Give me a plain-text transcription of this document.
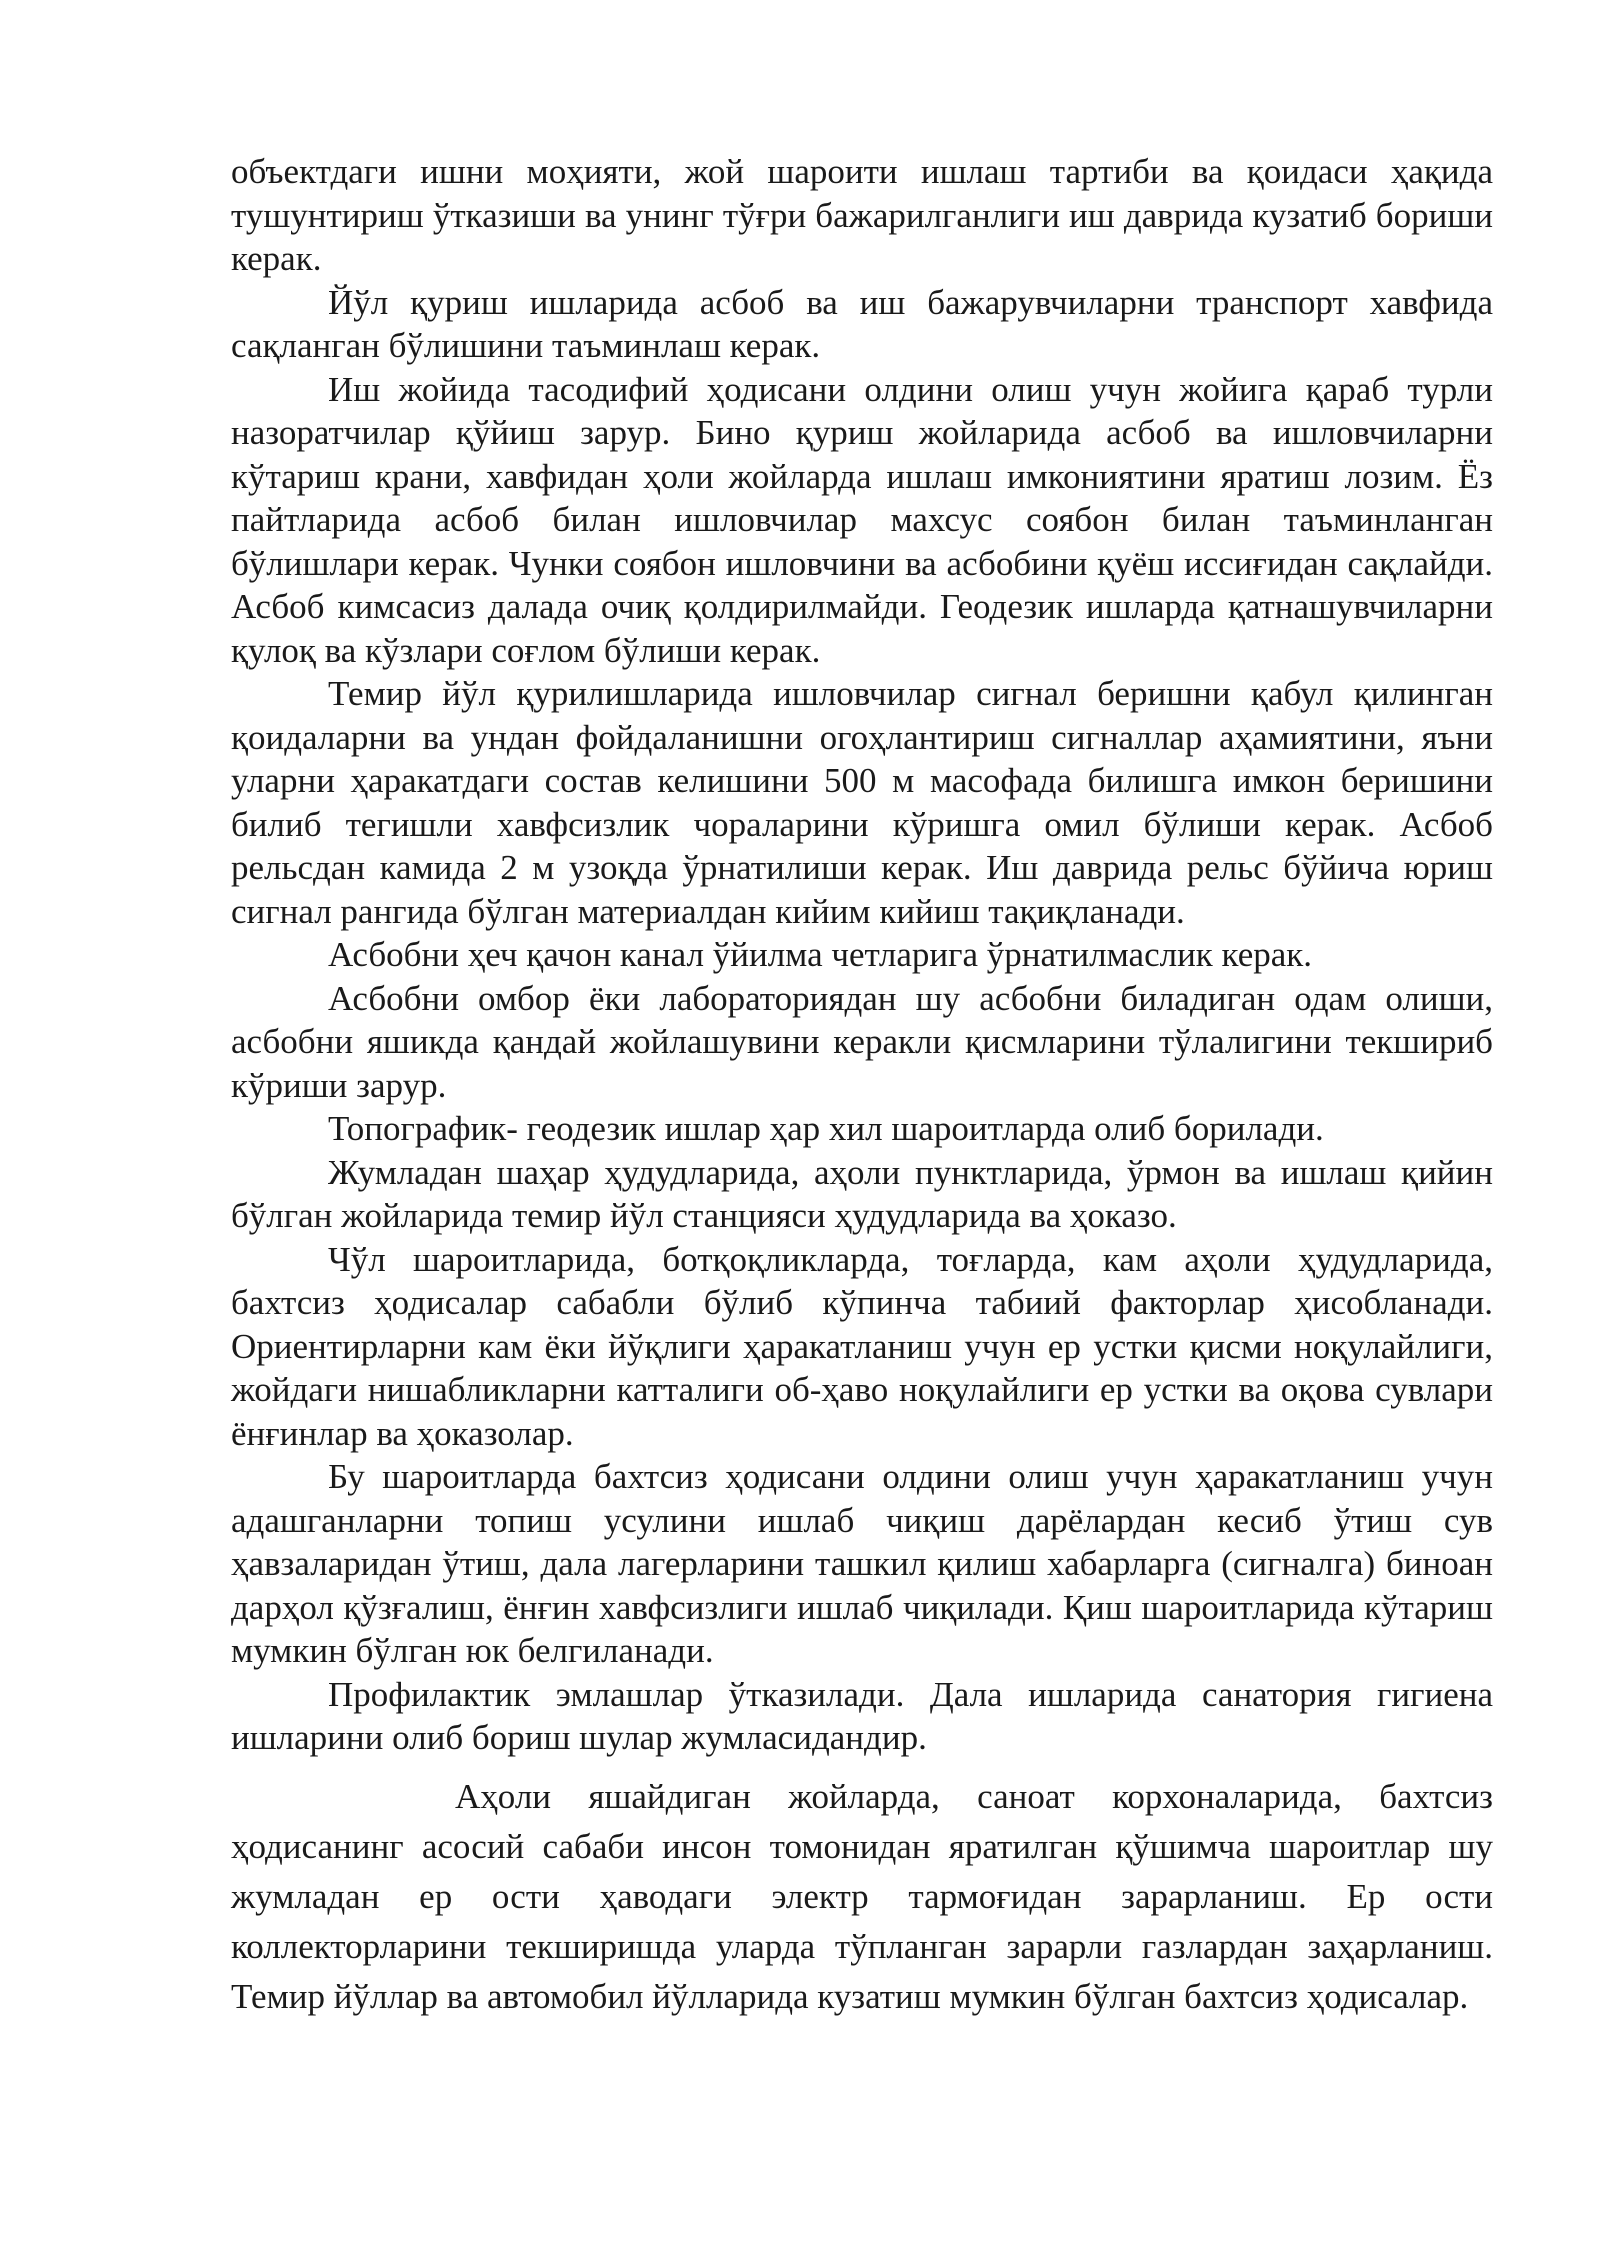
объектдаги ишни моҳияти, жой шароити ишлаш тартиби ва қоидаси ҳақида тушунтириш ўтказиши ва унинг тўғри бажарилганлиги иш даврида кузатиб бориши керак.

Йўл қуриш ишларида асбоб ва иш бажарувчиларни транспорт хавфида сақланган бўлишини таъминлаш керак.

Иш жойида тасодифий ҳодисани олдини олиш учун жойига қараб турли назоратчилар қўйиш зарур. Бино қуриш жойларида асбоб ва ишловчиларни кўтариш крани, хавфидан ҳоли жойларда ишлаш имкониятини яратиш лозим. Ёз пайтларида асбоб билан ишловчилар махсус соябон билан таъминланган бўлишлари керак. Чунки соябон ишловчини ва асбобини қуёш иссиғидан сақлайди. Асбоб кимсасиз далада очиқ қолдирилмайди. Геодезик ишларда қатнашувчиларни қулоқ ва кўзлари соғлом бўлиши керак.

Темир йўл қурилишларида ишловчилар сигнал беришни қабул қилинган қоидаларни ва ундан фойдаланишни огоҳлантириш сигналлар аҳамиятини, яъни уларни ҳаракатдаги состав келишини 500 м масофада билишга имкон беришини билиб тегишли хавфсизлик чораларини кўришга омил бўлиши керак. Асбоб рельсдан камида 2 м узоқда ўрнатилиши керак. Иш даврида рельс бўйича юриш сигнал рангида бўлган материалдан кийим кийиш тақиқланади.

Асбобни ҳеч қачон канал ўйилма четларига ўрнатилмаслик керак.

Асбобни омбор ёки лабораториядан шу асбобни биладиган одам олиши, асбобни яшикда қандай жойлашувини керакли қисмларини тўлалигини текшириб кўриши зарур.

Топографик- геодезик ишлар ҳар хил шароитларда олиб борилади.

Жумладан шаҳар ҳудудларида, аҳоли пунктларида, ўрмон ва ишлаш қийин бўлган жойларида темир йўл станцияси ҳудудларида ва ҳоказо.

Чўл шароитларида, ботқоқликларда, тоғларда, кам аҳоли ҳудудларида, бахтсиз ҳодисалар сабабли бўлиб кўпинча табиий факторлар ҳисобланади. Ориентирларни кам ёки йўқлиги ҳаракатланиш учун ер устки қисми ноқулайлиги, жойдаги нишабликларни катталиги об-ҳаво ноқулайлиги ер устки ва оқова сувлари ёнғинлар ва ҳоказолар.

Бу шароитларда бахтсиз ҳодисани олдини олиш учун ҳаракатланиш учун адашганларни топиш усулини ишлаб чиқиш дарёлардан кесиб ўтиш сув ҳавзаларидан ўтиш, дала лагерларини ташкил қилиш хабарларга (сигналга) биноан дарҳол қўзғалиш, ёнғин хавфсизлиги ишлаб чиқилади. Қиш шароитларида кўтариш мумкин бўлган юк белгиланади.

Профилактик эмлашлар ўтказилади. Дала ишларида санатория гигиена ишларини олиб бориш шулар жумласидандир.

Аҳоли яшайдиган жойларда, саноат корхоналарида, бахтсиз ҳодисанинг асосий сабаби инсон томонидан яратилган қўшимча шароитлар шу жумладан ер ости ҳаводаги электр тармоғидан зарарланиш. Ер ости коллекторларини текширишда уларда тўпланган зарарли газлардан заҳарланиш. Темир йўллар ва автомобил йўлларида кузатиш мумкин бўлган бахтсиз ҳодисалар.
